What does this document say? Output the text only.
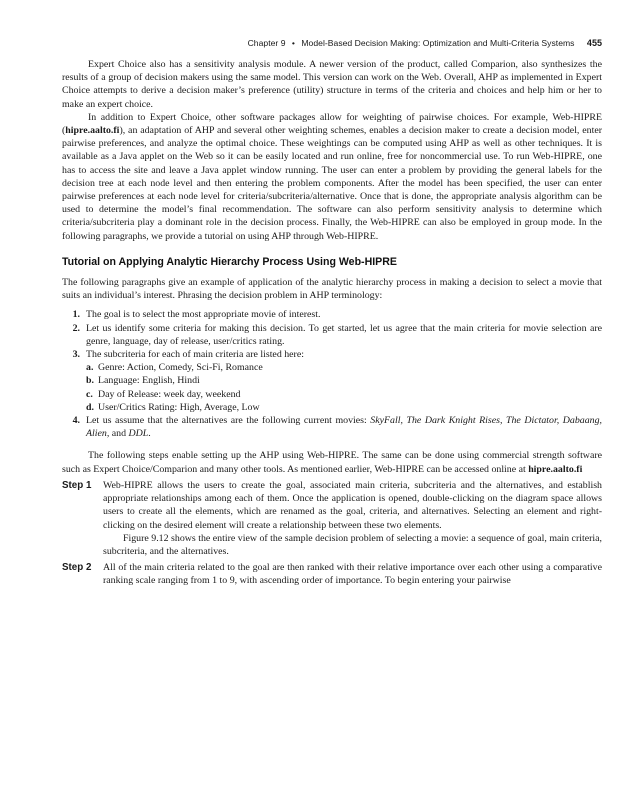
Chapter 9 • Model-Based Decision Making: Optimization and Multi-Criteria Systems 455

Expert Choice also has a sensitivity analysis module. A newer version of the product, called Comparion, also synthesizes the results of a group of decision makers using the same model. This version can work on the Web. Overall, AHP as implemented in Expert Choice attempts to derive a decision maker’s preference (utility) structure in terms of the criteria and choices and help him or her to make an expert choice.

In addition to Expert Choice, other software packages allow for weighting of pairwise choices. For example, Web-HIPRE (hipre.aalto.fi), an adaptation of AHP and several other weighting schemes, enables a decision maker to create a decision model, enter pairwise preferences, and analyze the optimal choice. These weightings can be computed using AHP as well as other techniques. It is available as a Java applet on the Web so it can be easily located and run online, free for noncommercial use. To run Web-HIPRE, one has to access the site and leave a Java applet window running. The user can enter a problem by providing the general labels for the decision tree at each node level and then entering the problem components. After the model has been specified, the user can enter pairwise preferences at each node level for criteria/subcriteria/alternative. Once that is done, the appropriate analysis algorithm can be used to determine the model’s final recommendation. The software can also perform sensitivity analysis to determine which criteria/subcriteria play a dominant role in the decision process. Finally, the Web-HIPRE can also be employed in group mode. In the following paragraphs, we provide a tutorial on using AHP through Web-HIPRE.

Tutorial on Applying Analytic Hierarchy Process Using Web-HIPRE

The following paragraphs give an example of application of the analytic hierarchy process in making a decision to select a movie that suits an individual’s interest. Phrasing the decision problem in AHP terminology:

1. The goal is to select the most appropriate movie of interest.
2. Let us identify some criteria for making this decision. To get started, let us agree that the main criteria for movie selection are genre, language, day of release, user/critics rating.
3. The subcriteria for each of main criteria are listed here:
a. Genre: Action, Comedy, Sci-Fi, Romance
b. Language: English, Hindi
c. Day of Release: week day, weekend
d. User/Critics Rating: High, Average, Low
4. Let us assume that the alternatives are the following current movies: SkyFall, The Dark Knight Rises, The Dictator, Dabaang, Alien, and DDL.

The following steps enable setting up the AHP using Web-HIPRE. The same can be done using commercial strength software such as Expert Choice/Comparion and many other tools. As mentioned earlier, Web-HIPRE can be accessed online at hipre.aalto.fi

Step 1	Web-HIPRE allows the users to create the goal, associated main criteria, subcriteria and the alternatives, and establish appropriate relationships among each of them. Once the application is opened, double-clicking on the diagram space allows users to create all the elements, which are renamed as the goal, criteria, and alternatives. Selecting an element and right-clicking on the desired element will create a relationship between these two elements.

Figure 9.12 shows the entire view of the sample decision problem of selecting a movie: a sequence of goal, main criteria, subcriteria, and the alternatives.

Step 2	All of the main criteria related to the goal are then ranked with their relative importance over each other using a comparative ranking scale ranging from 1 to 9, with ascending order of importance. To begin entering your pairwise
